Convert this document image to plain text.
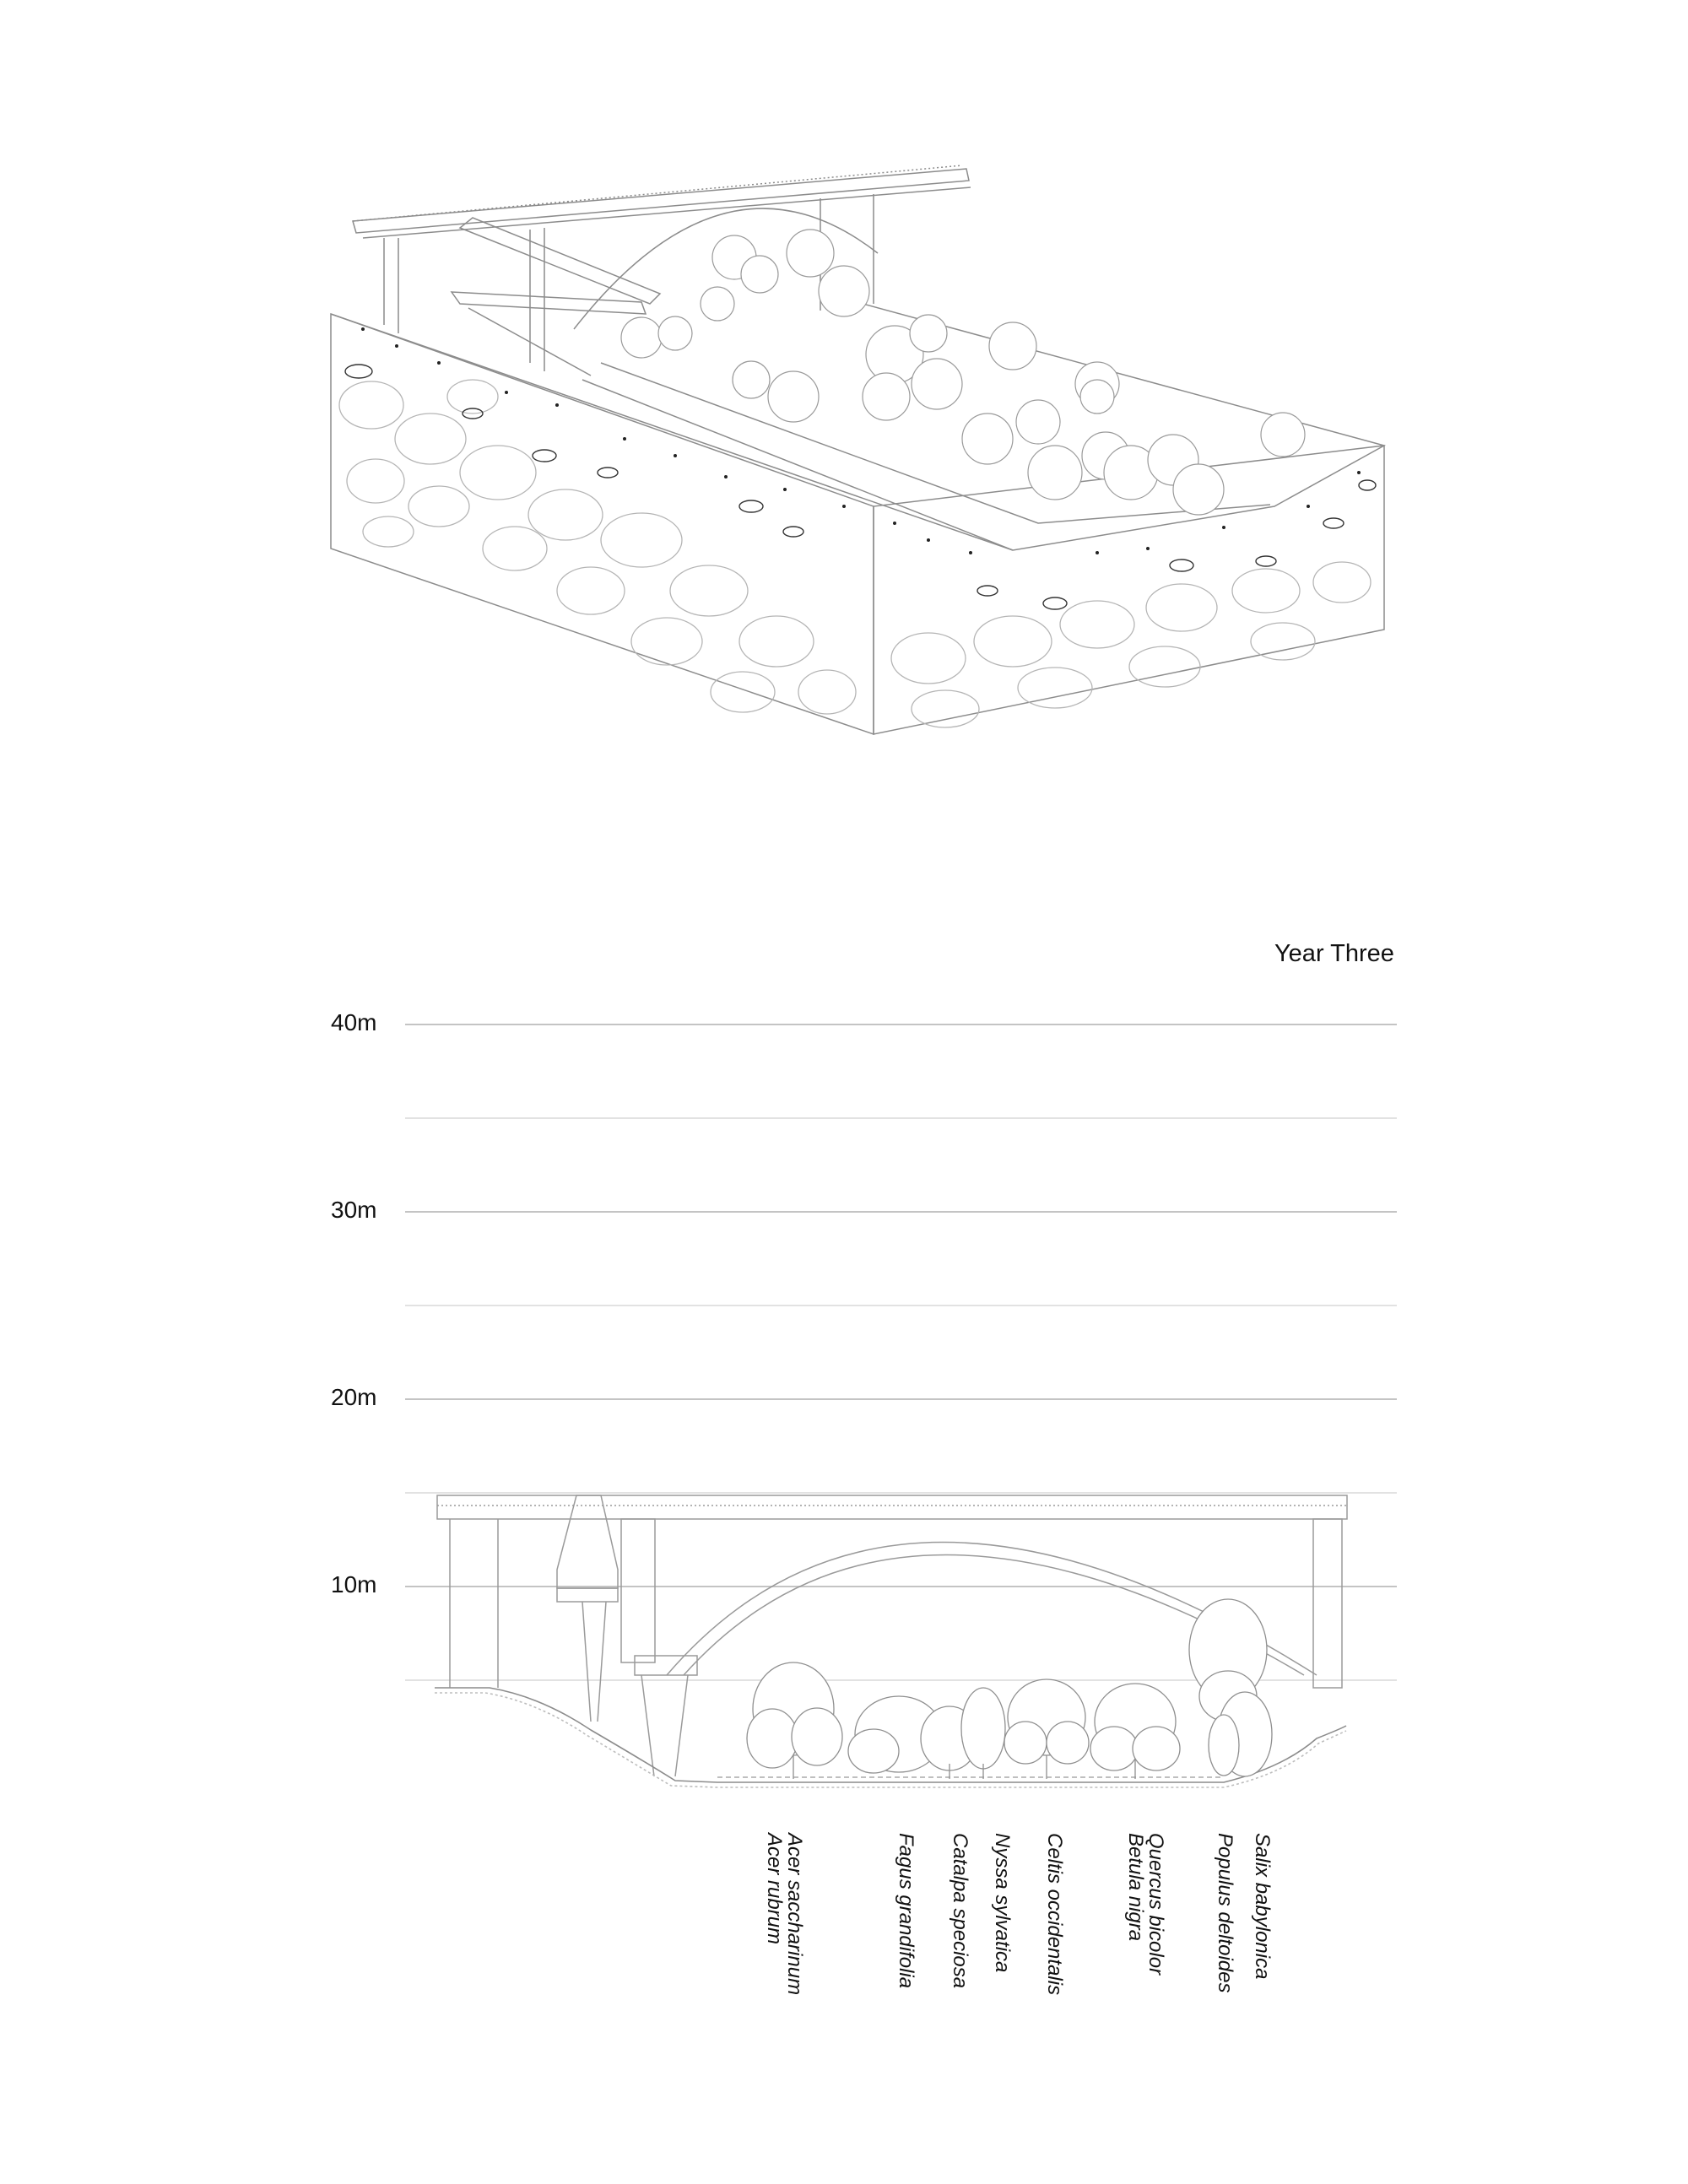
Year Three
40m
30m
20m
10m
Acer saccharinum
Acer rubrum	Fagus grandifolia Catalpa speciosa Nyssa sylvatica Celtis occidentalis	Quercus bicolor
Betula nigra	Populus deltoides Salix babylonica
